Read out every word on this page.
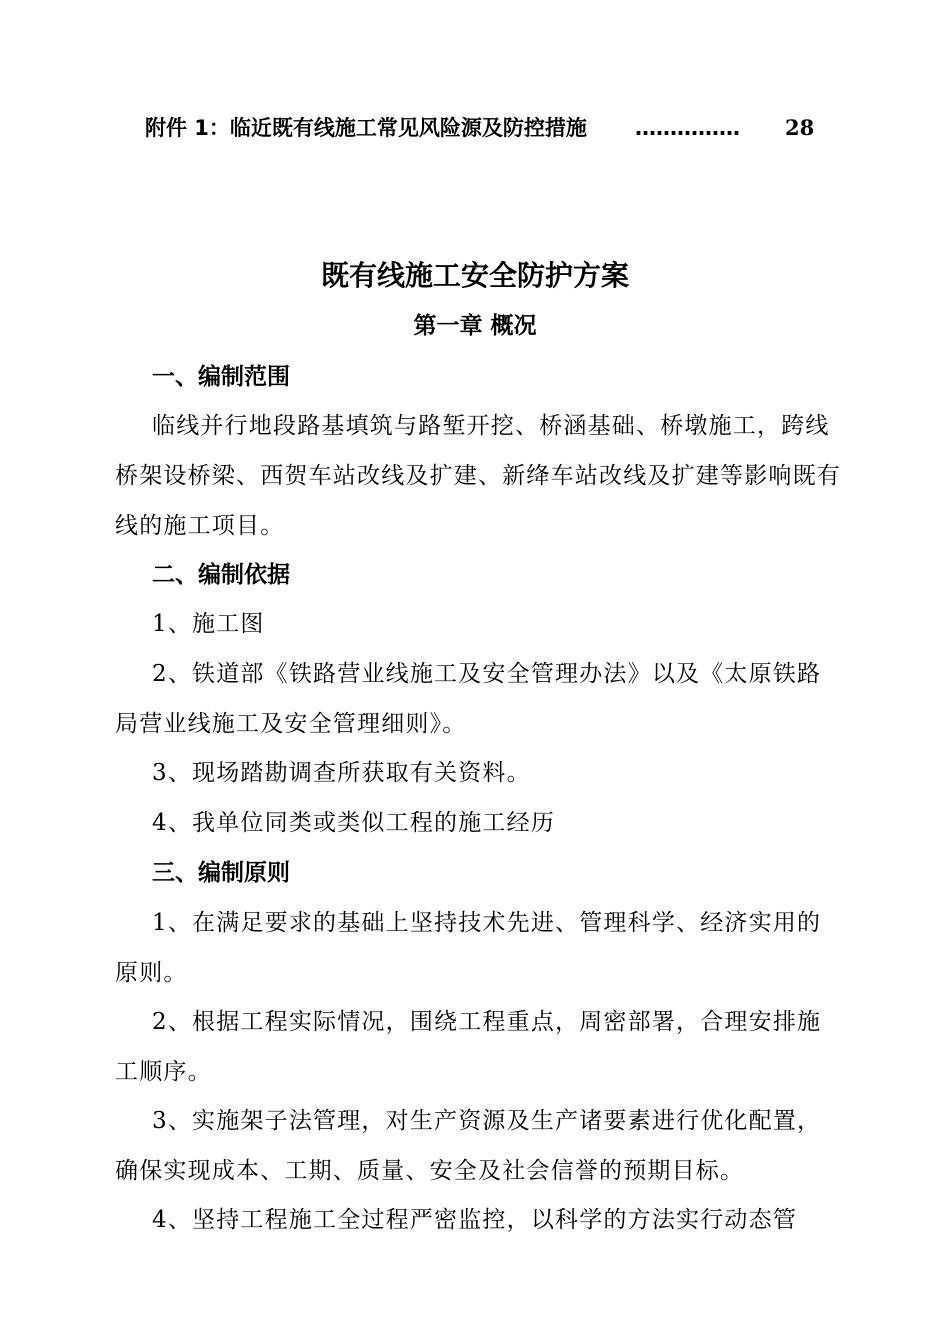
附件 1：临近既有线施工常见风险源及防控措施 …………… 28
既有线施工安全防护方案
第一章 概况
一、编制范围
临线并行地段路基填筑与路堑开挖、桥涵基础、桥墩施工，跨线桥架设桥梁、西贺车站改线及扩建、新绛车站改线及扩建等影响既有线的施工项目。
二、编制依据
1、施工图
2、铁道部《铁路营业线施工及安全管理办法》以及《太原铁路局营业线施工及安全管理细则》。
3、现场踏勘调查所获取有关资料。
4、我单位同类或类似工程的施工经历
三、编制原则
1、在满足要求的基础上坚持技术先进、管理科学、经济实用的原则。
2、根据工程实际情况，围绕工程重点，周密部署，合理安排施工顺序。
3、实施架子法管理，对生产资源及生产诸要素进行优化配置，确保实现成本、工期、质量、安全及社会信誉的预期目标。
4、坚持工程施工全过程严密监控，以科学的方法实行动态管
